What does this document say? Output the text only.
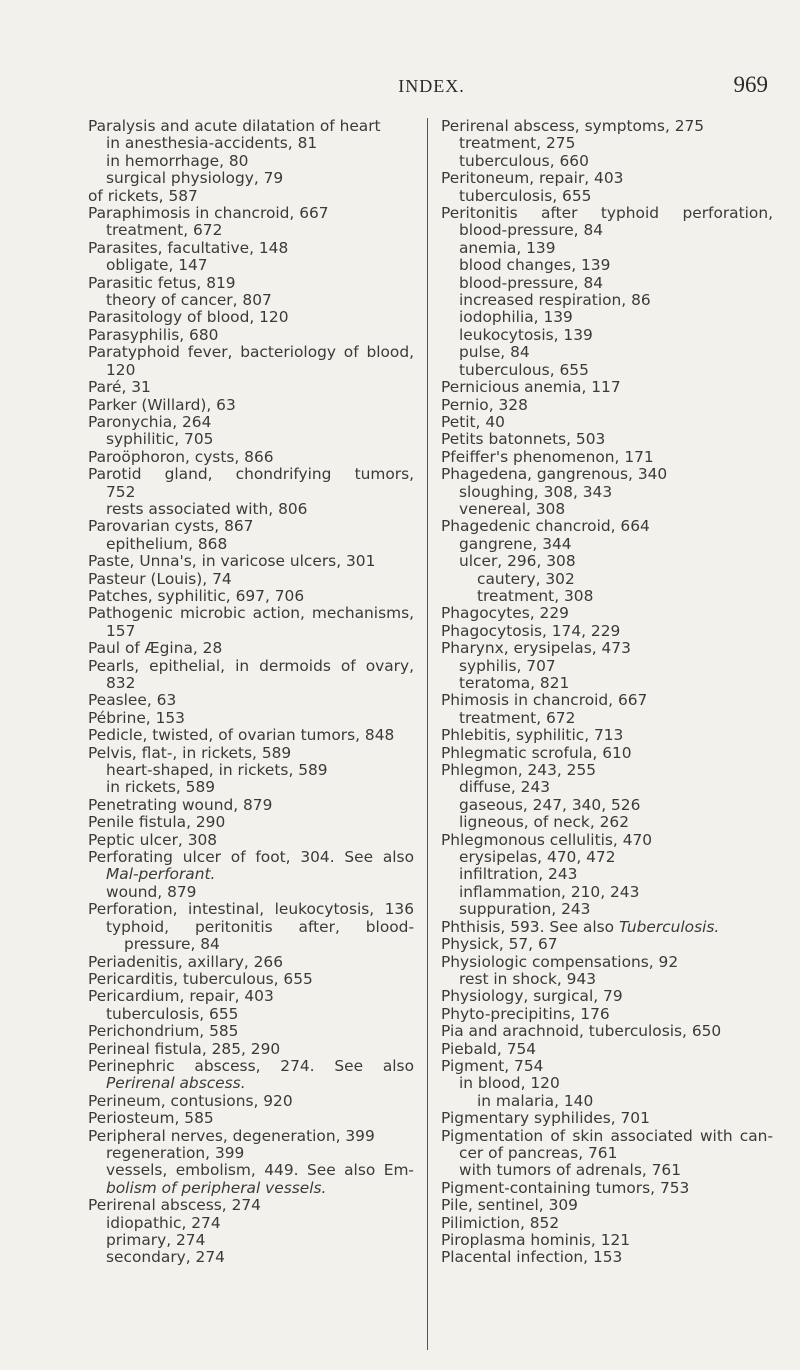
INDEX.	969
Paralysis and acute dilatation of heart
in anesthesia-accidents, 81
in hemorrhage, 80
surgical physiology, 79
of rickets, 587
Paraphimosis in chancroid, 667
treatment, 672
Parasites, facultative, 148
obligate, 147
Parasitic fetus, 819
theory of cancer, 807
Parasitology of blood, 120
Parasyphilis, 680
Paratyphoid fever, bacteriology of blood,
120
Paré, 31
Parker (Willard), 63
Paronychia, 264
syphilitic, 705
Paroöphoron, cysts, 866
Parotid gland, chondrifying tumors,
752
rests associated with, 806
Parovarian cysts, 867
epithelium, 868
Paste, Unna's, in varicose ulcers, 301
Pasteur (Louis), 74
Patches, syphilitic, 697, 706
Pathogenic microbic action, mechanisms,
157
Paul of Ægina, 28
Pearls, epithelial, in dermoids of ovary,
832
Peaslee, 63
Pébrine, 153
Pedicle, twisted, of ovarian tumors, 848
Pelvis, flat-, in rickets, 589
heart-shaped, in rickets, 589
in rickets, 589
Penetrating wound, 879
Penile fistula, 290
Peptic ulcer, 308
Perforating ulcer of foot, 304. See also
Mal-perforant.
wound, 879
Perforation, intestinal, leukocytosis, 136
typhoid, peritonitis after, blood-
pressure, 84
Periadenitis, axillary, 266
Pericarditis, tuberculous, 655
Pericardium, repair, 403
tuberculosis, 655
Perichondrium, 585
Perineal fistula, 285, 290
Perinephric abscess, 274. See also
Perirenal abscess.
Perineum, contusions, 920
Periosteum, 585
Peripheral nerves, degeneration, 399
regeneration, 399
vessels, embolism, 449. See also Em-
bolism of peripheral vessels.
Perirenal abscess, 274
idiopathic, 274
primary, 274
secondary, 274
Perirenal abscess, symptoms, 275
treatment, 275
tuberculous, 660
Peritoneum, repair, 403
tuberculosis, 655
Peritonitis after typhoid perforation,
blood-pressure, 84
anemia, 139
blood changes, 139
blood-pressure, 84
increased respiration, 86
iodophilia, 139
leukocytosis, 139
pulse, 84
tuberculous, 655
Pernicious anemia, 117
Pernio, 328
Petit, 40
Petits batonnets, 503
Pfeiffer's phenomenon, 171
Phagedena, gangrenous, 340
sloughing, 308, 343
venereal, 308
Phagedenic chancroid, 664
gangrene, 344
ulcer, 296, 308
cautery, 302
treatment, 308
Phagocytes, 229
Phagocytosis, 174, 229
Pharynx, erysipelas, 473
syphilis, 707
teratoma, 821
Phimosis in chancroid, 667
treatment, 672
Phlebitis, syphilitic, 713
Phlegmatic scrofula, 610
Phlegmon, 243, 255
diffuse, 243
gaseous, 247, 340, 526
ligneous, of neck, 262
Phlegmonous cellulitis, 470
erysipelas, 470, 472
infiltration, 243
inflammation, 210, 243
suppuration, 243
Phthisis, 593. See also Tuberculosis.
Physick, 57, 67
Physiologic compensations, 92
rest in shock, 943
Physiology, surgical, 79
Phyto-precipitins, 176
Pia and arachnoid, tuberculosis, 650
Piebald, 754
Pigment, 754
in blood, 120
in malaria, 140
Pigmentary syphilides, 701
Pigmentation of skin associated with can-
cer of pancreas, 761
with tumors of adrenals, 761
Pigment-containing tumors, 753
Pile, sentinel, 309
Pilimiction, 852
Piroplasma hominis, 121
Placental infection, 153
